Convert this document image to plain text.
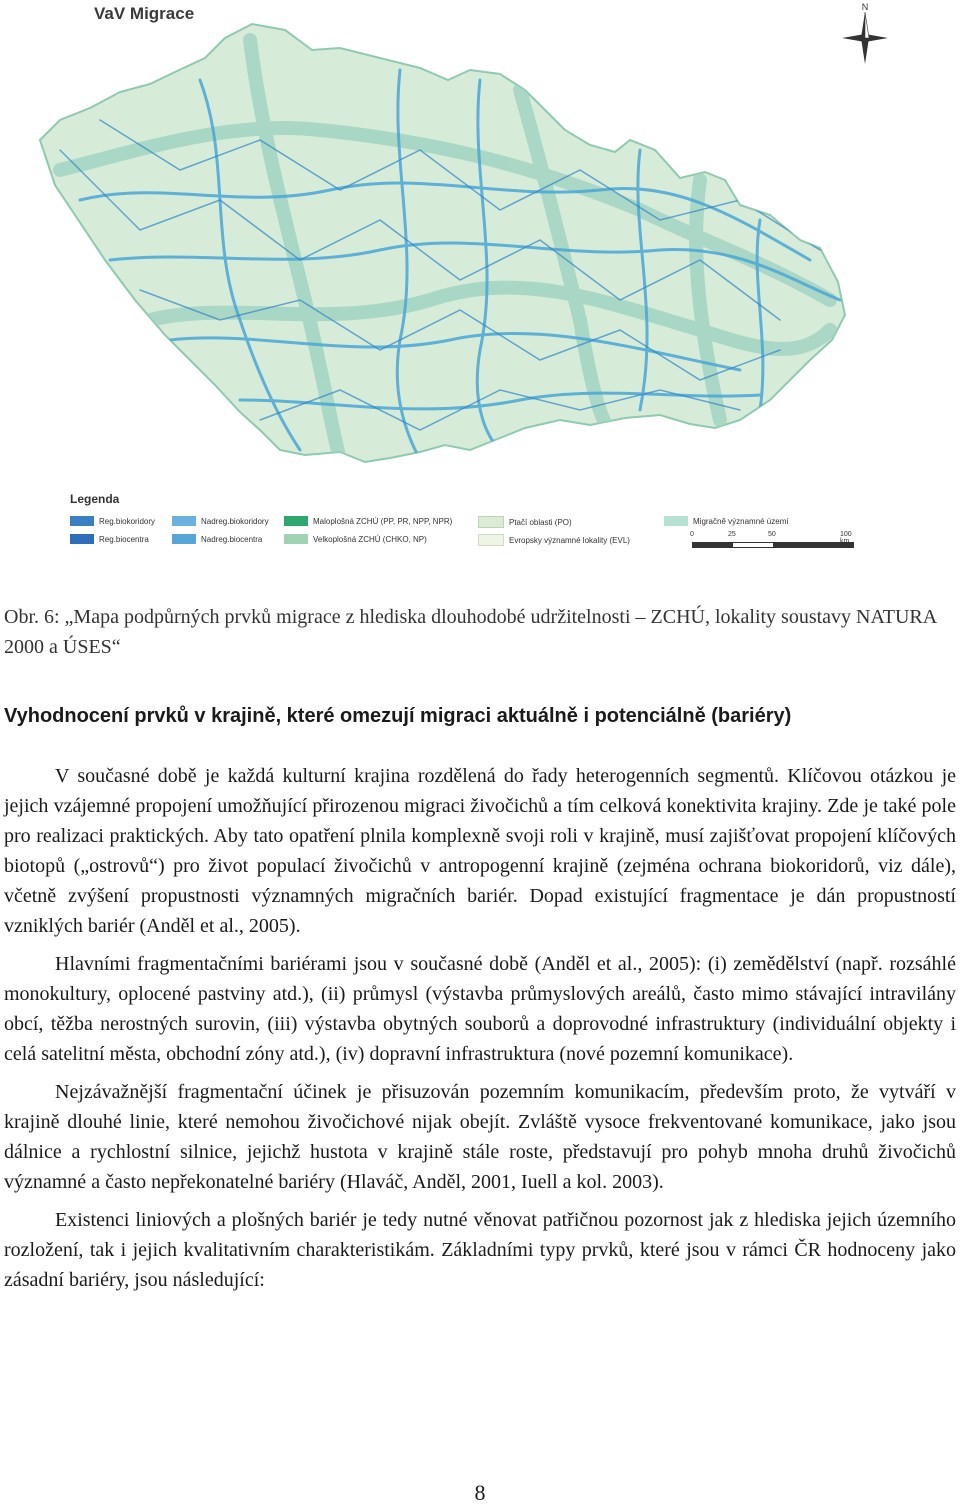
VaV Migrace	N
Legenda
Reg.biokoridory	Nadreg.biokoridory	Maloplošná ZCHÚ (PP, PR, NPP, NPR)	Ptačí oblasti (PO)	Migračně významné území
Reg.biocentra	Nadreg.biocentra	Velkoplošná ZCHÚ (CHKO, NP)	Evropsky významné lokality (EVL)
0	25	50	100

Obr. 6: „Mapa podpůrných prvků migrace z hlediska dlouhodobé udržitelnosti – ZCHÚ, lokality soustavy NATURA 2000 a ÚSES“

Vyhodnocení prvků v krajině, které omezují migraci aktuálně i potenciálně (bariéry)

V současné době je každá kulturní krajina rozdělená do řady heterogenních segmentů. Klíčovou otázkou je jejich vzájemné propojení umožňující přirozenou migraci živočichů a tím celková konektivita krajiny. Zde je také pole pro realizaci praktických. Aby tato opatření plnila komplexně svoji roli v krajině, musí zajišťovat propojení klíčových biotopů („ostrovů“) pro život populací živočichů v antropogenní krajině (zejména ochrana biokoridorů, viz dále), včetně zvýšení propustnosti významných migračních bariér. Dopad existující fragmentace je dán propustností vzniklých bariér (Anděl et al., 2005).

Hlavními fragmentačními bariérami jsou v současné době (Anděl et al., 2005): (i) zemědělství (např. rozsáhlé monokultury, oplocené pastviny atd.), (ii) průmysl (výstavba průmyslových areálů, často mimo stávající intravilány obcí, těžba nerostných surovin, (iii) výstavba obytných souborů a doprovodné infrastruktury (individuální objekty i celá satelitní města, obchodní zóny atd.), (iv) dopravní infrastruktura (nové pozemní komunikace).

Nejzávažnější fragmentační účinek je přisuzován pozemním komunikacím, především proto, že vytváří v krajině dlouhé linie, které nemohou živočichové nijak obejít. Zvláště vysoce frekventované komunikace, jako jsou dálnice a rychlostní silnice, jejichž hustota v krajině stále roste, představují pro pohyb mnoha druhů živočichů významné a často nepřekonatelné bariéry (Hlaváč, Anděl, 2001, Iuell a kol. 2003).

Existenci liniových a plošných bariér je tedy nutné věnovat patřičnou pozornost jak z hlediska jejich územního rozložení, tak i jejich kvalitativním charakteristikám. Základními typy prvků, které jsou v rámci ČR hodnoceny jako zásadní bariéry, jsou následující:

8
